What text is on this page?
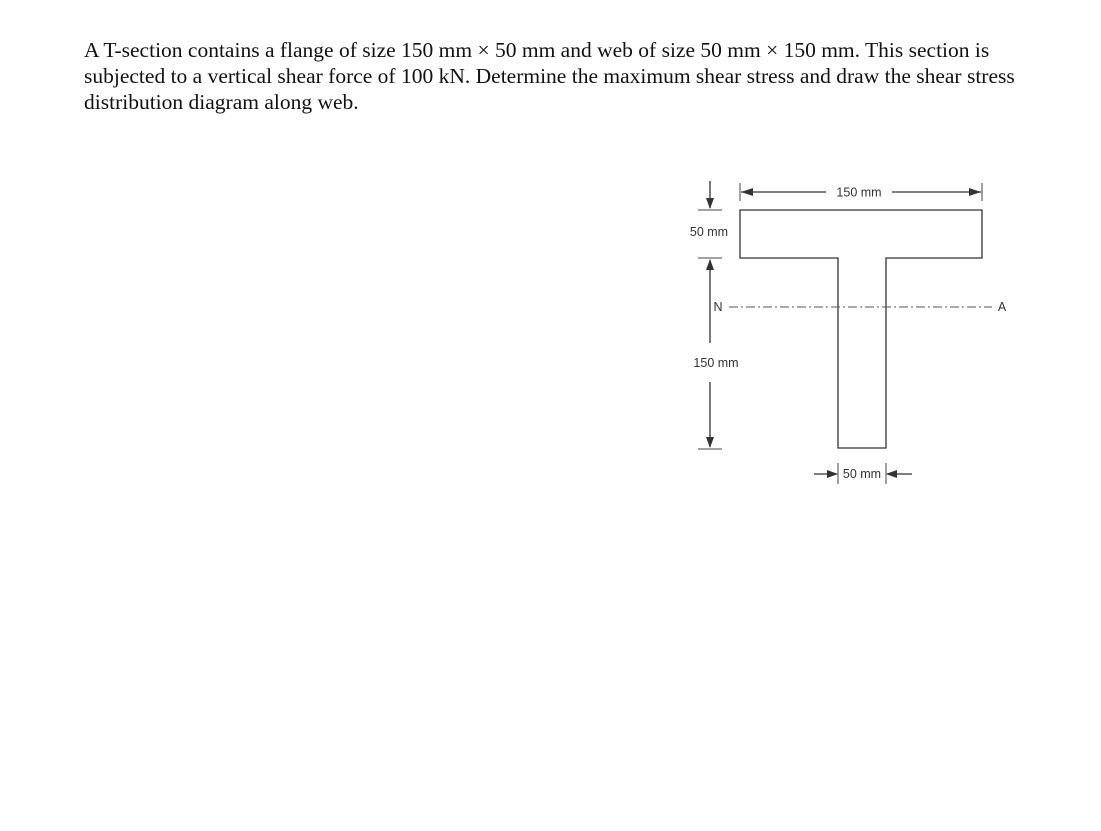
A T-section contains a flange of size 150 mm × 50 mm and web of size 50 mm × 150 mm. This section is subjected to a vertical shear force of 100 kN. Determine the maximum shear stress and draw the shear stress distribution diagram along web.

150 mm
50 mm
150 mm
N	A
50 mm
